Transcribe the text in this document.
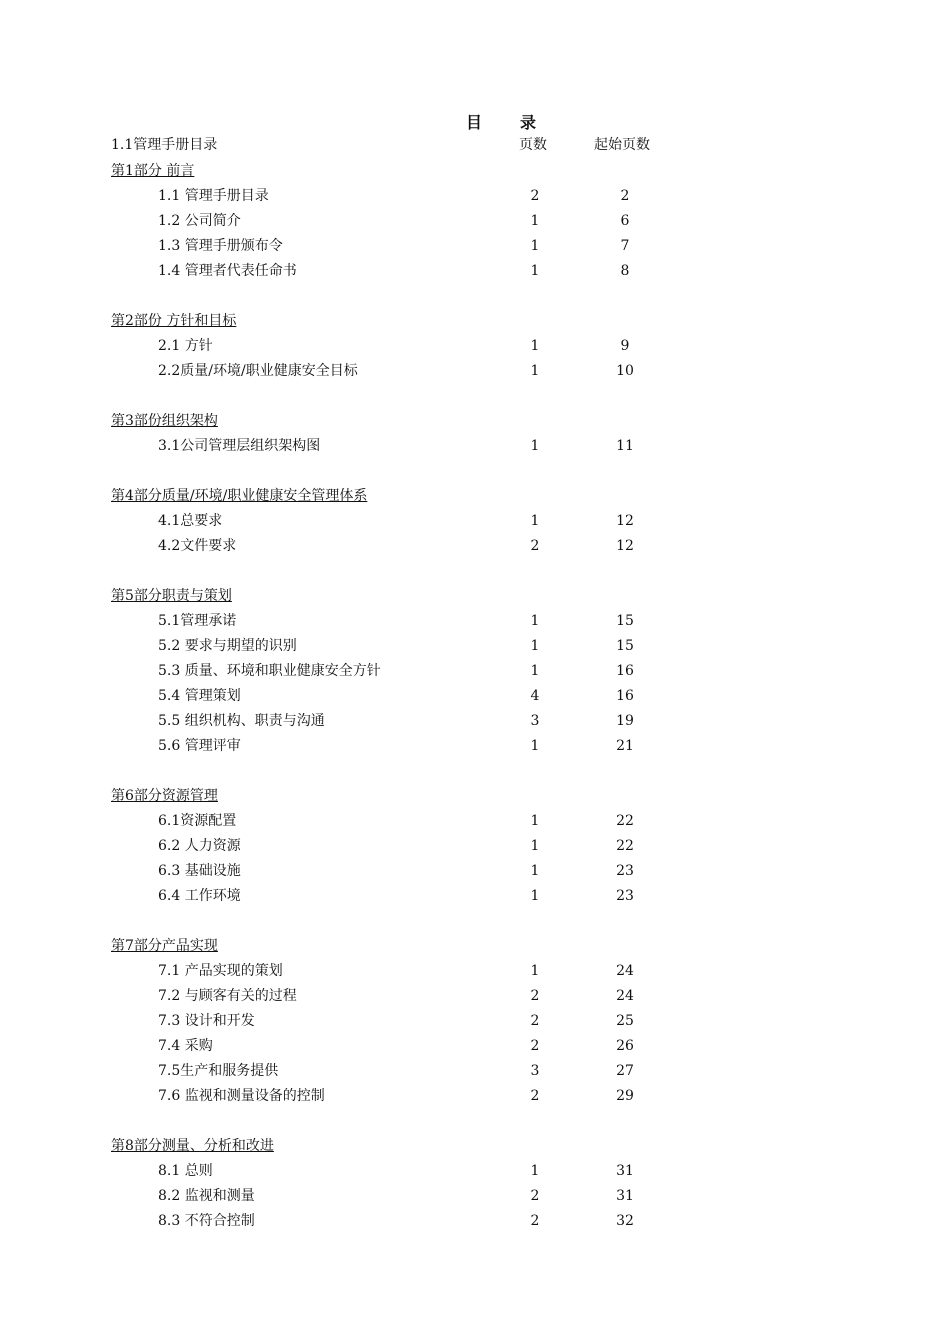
目 录
1.1管理手册目录	页数	起始页数
第1部分 前言
1.1 管理手册目录	2	2
1.2 公司简介	1	6
1.3 管理手册颁布令	1	7
1.4 管理者代表任命书	1	8
第2部份 方针和目标
2.1 方针	1	9
2.2质量/环境/职业健康安全目标	1	10
第3部份组织架构
3.1公司管理层组织架构图	1	11
第4部分质量/环境/职业健康安全管理体系
4.1总要求	1	12
4.2文件要求	2	12
第5部分职责与策划
5.1管理承诺	1	15
5.2 要求与期望的识别	1	15
5.3 质量、环境和职业健康安全方针	1	16
5.4 管理策划	4	16
5.5 组织机构、职责与沟通	3	19
5.6 管理评审	1	21
第6部分资源管理
6.1资源配置	1	22
6.2 人力资源	1	22
6.3 基础设施	1	23
6.4 工作环境	1	23
第7部分产品实现
7.1 产品实现的策划	1	24
7.2 与顾客有关的过程	2	24
7.3 设计和开发	2	25
7.4 采购	2	26
7.5生产和服务提供	3	27
7.6 监视和测量设备的控制	2	29
第8部分测量、分析和改进
8.1 总则	1	31
8.2 监视和测量	2	31
8.3 不符合控制	2	32
